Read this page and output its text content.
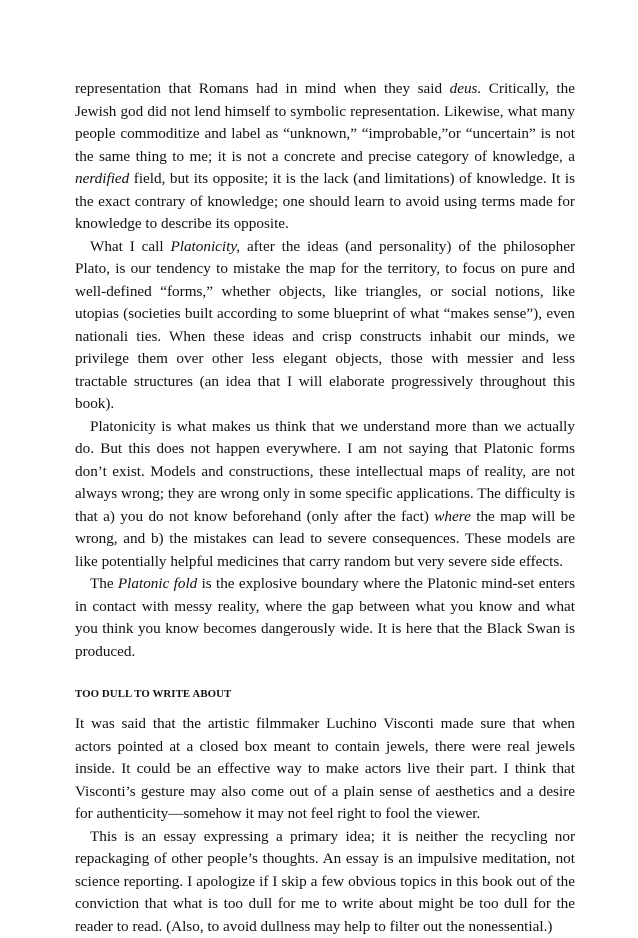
representation that Romans had in mind when they said deus. Critically, the Jewish god did not lend himself to symbolic representation. Likewise, what many people commoditize and label as “unknown,” “improbable,”or “uncertain” is not the same thing to me; it is not a concrete and precise category of knowledge, a nerdified field, but its opposite; it is the lack (and limitations) of knowledge. It is the exact contrary of knowledge; one should learn to avoid using terms made for knowledge to describe its opposite.

What I call Platonicity, after the ideas (and personality) of the philosopher Plato, is our tendency to mistake the map for the territory, to focus on pure and well-defined “forms,” whether objects, like triangles, or social notions, like utopias (societies built according to some blueprint of what “makes sense”), even nationali ties. When these ideas and crisp constructs inhabit our minds, we privilege them over other less elegant objects, those with messier and less tractable structures (an idea that I will elaborate progressively throughout this book).

Platonicity is what makes us think that we understand more than we actually do. But this does not happen everywhere. I am not saying that Platonic forms don’t exist. Models and constructions, these intellectual maps of reality, are not always wrong; they are wrong only in some specific applications. The difficulty is that a) you do not know beforehand (only after the fact) where the map will be wrong, and b) the mistakes can lead to severe consequences. These models are like potentially helpful medicines that carry random but very severe side effects.

The Platonic fold is the explosive boundary where the Platonic mind-set enters in contact with messy reality, where the gap between what you know and what you think you know becomes dangerously wide. It is here that the Black Swan is produced.

TOO DULL TO WRITE ABOUT

It was said that the artistic filmmaker Luchino Visconti made sure that when actors pointed at a closed box meant to contain jewels, there were real jewels inside. It could be an effective way to make actors live their part. I think that Visconti’s gesture may also come out of a plain sense of aesthetics and a desire for authenticity—somehow it may not feel right to fool the viewer.

This is an essay expressing a primary idea; it is neither the recycling nor repackaging of other people’s thoughts. An essay is an impulsive meditation, not science reporting. I apologize if I skip a few obvious topics in this book out of the conviction that what is too dull for me to write about might be too dull for the reader to read. (Also, to avoid dullness may help to filter out the nonessential.)
